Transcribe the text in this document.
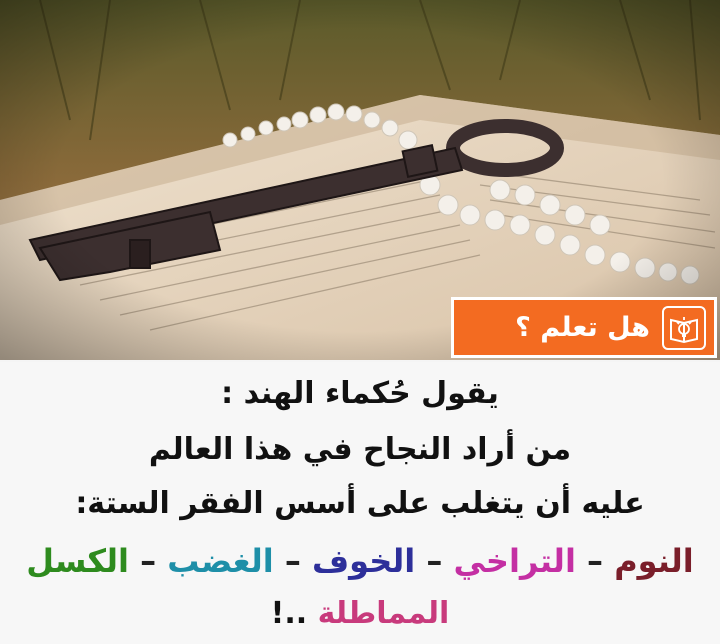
هل تعلم ؟
يقول حُكماء الهند :
من أراد النجاح في هذا العالم
عليه أن يتغلب على أسس الفقر الستة:
النوم – التراخي – الخوف – الغضب – الكسل
المماطلة ..!
